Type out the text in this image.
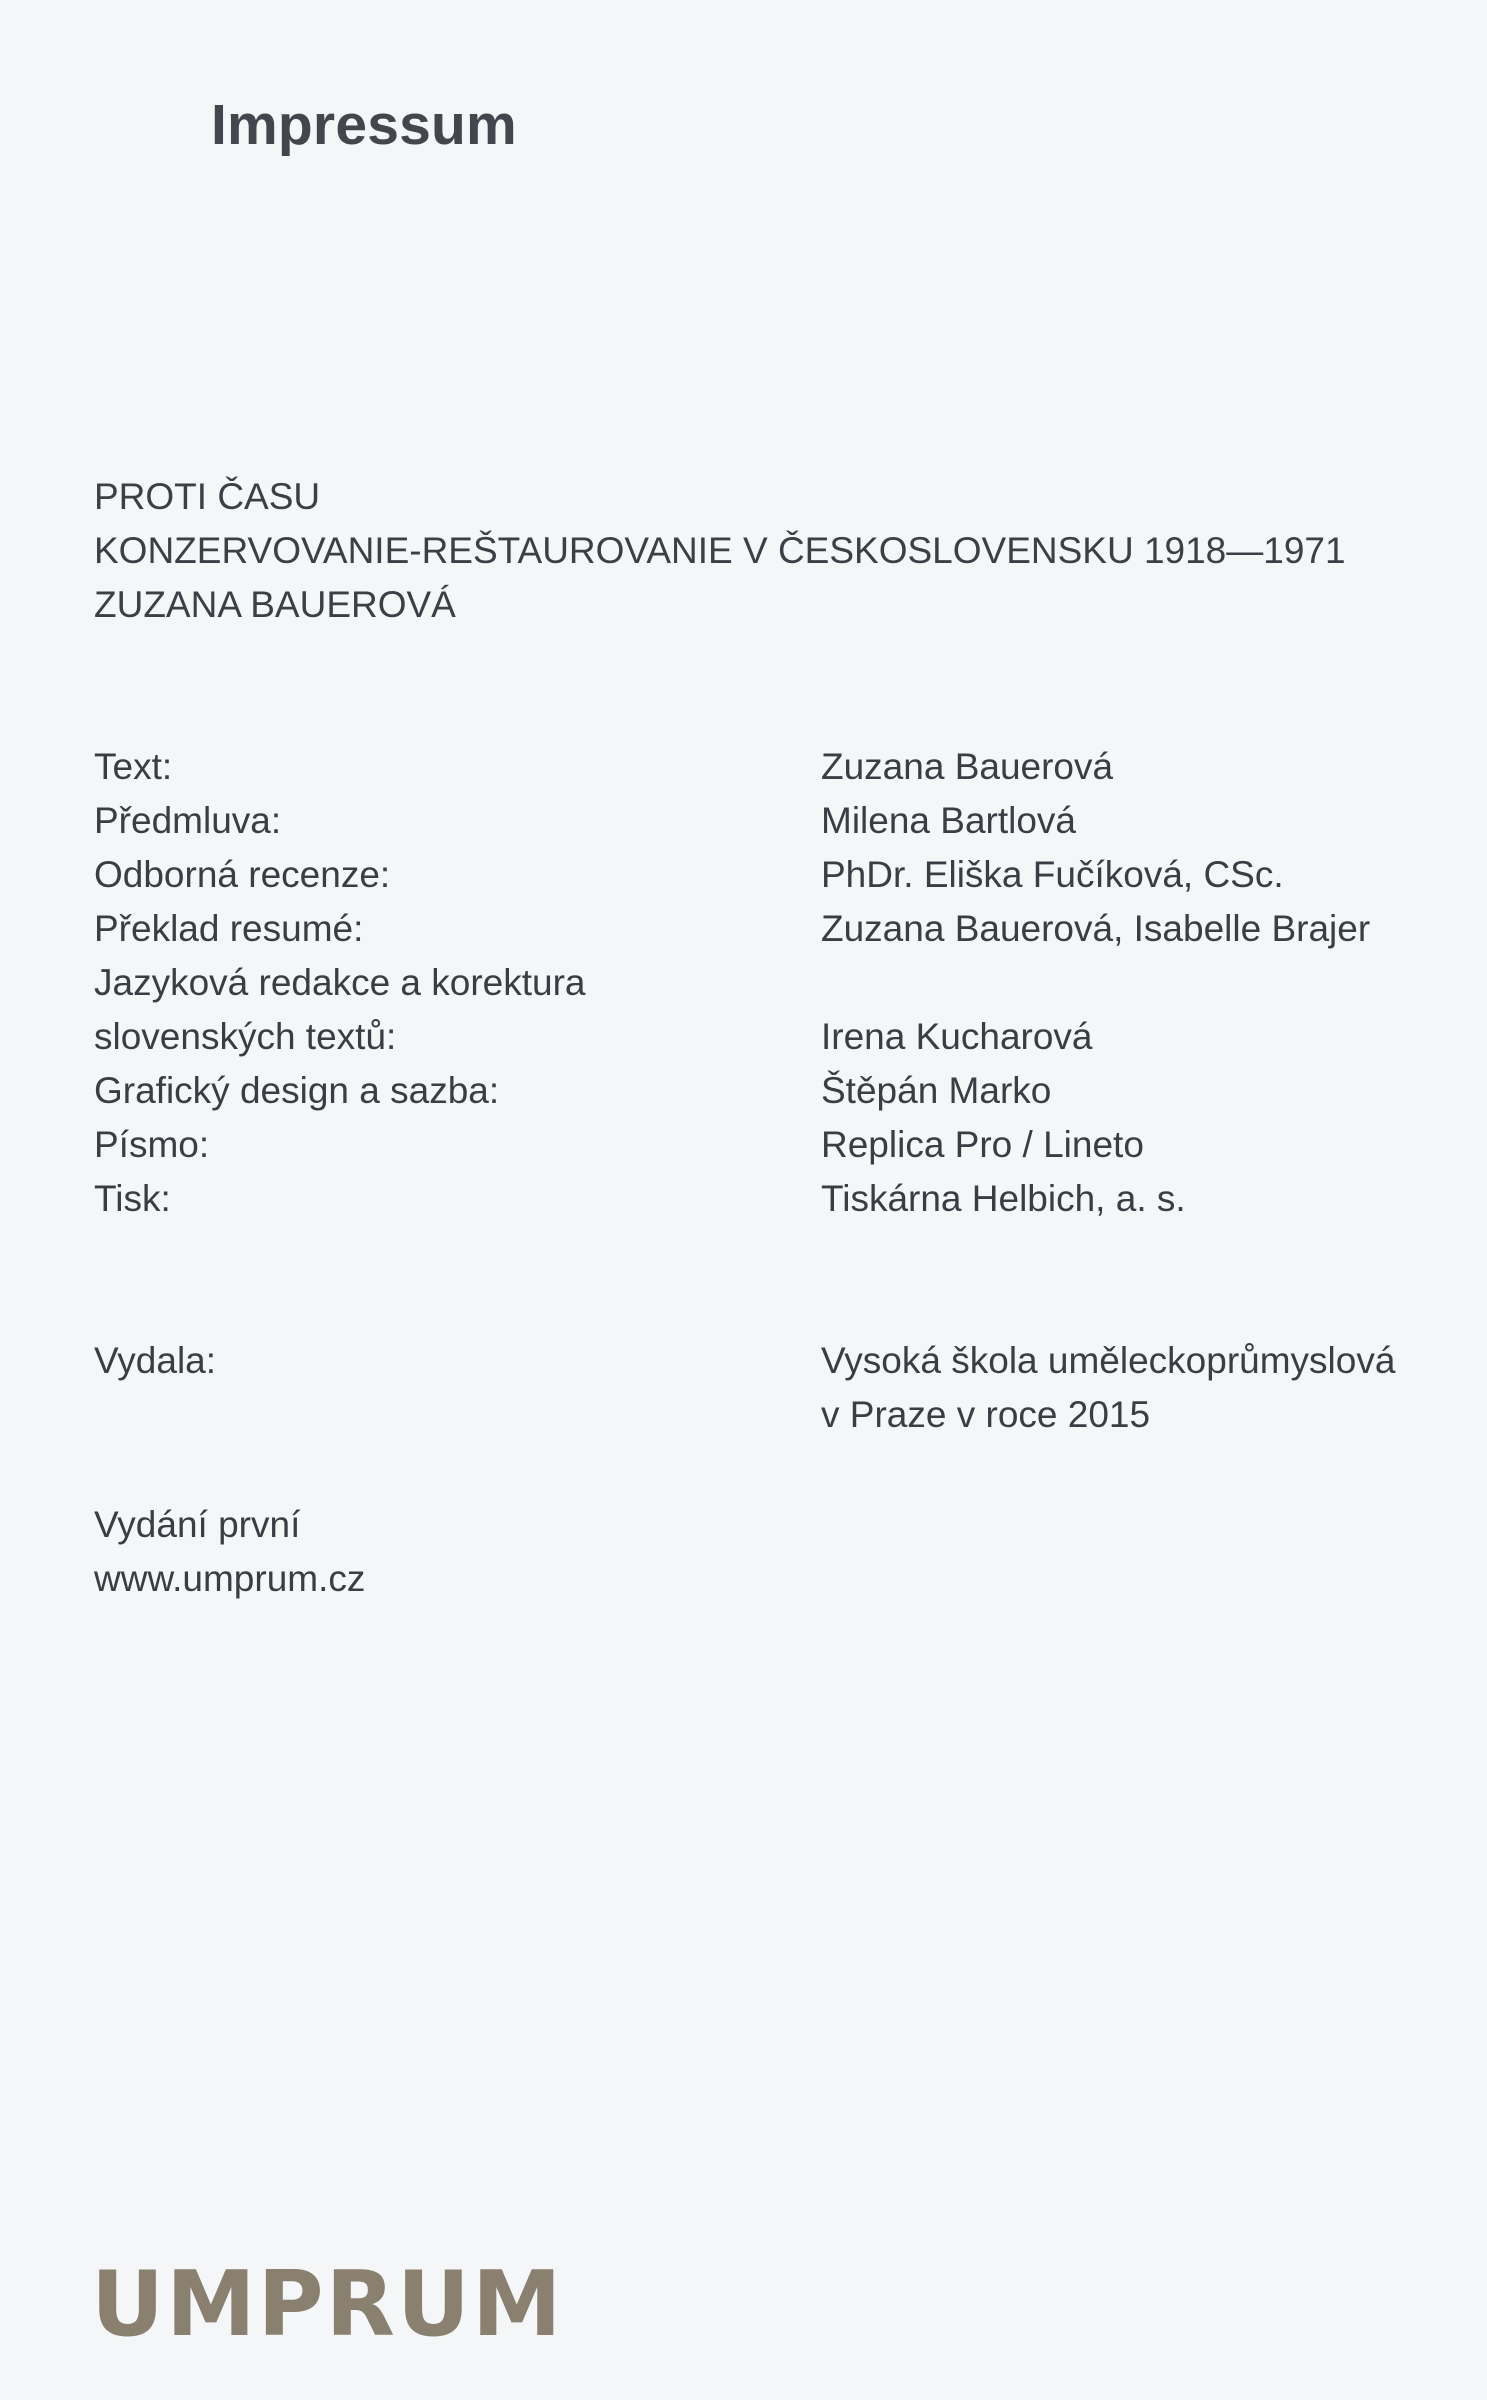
Impressum
PROTI ČASU
KONZERVOVANIE-REŠTAUROVANIE V ČESKOSLOVENSKU 1918—1971
ZUZANA BAUEROVÁ
Text:	Zuzana Bauerová
Předmluva:	Milena Bartlová
Odborná recenze:	PhDr. Eliška Fučíková, CSc.
Překlad resumé:	Zuzana Bauerová, Isabelle Brajer
Jazyková redakce a korektura
slovenských textů:	Irena Kucharová
Grafický design a sazba:	Štěpán Marko
Písmo:	Replica Pro / Lineto
Tisk:	Tiskárna Helbich, a. s.
Vydala:	Vysoká škola uměleckoprůmyslová
v Praze v roce 2015
Vydání první
www.umprum.cz
UMPRUM
